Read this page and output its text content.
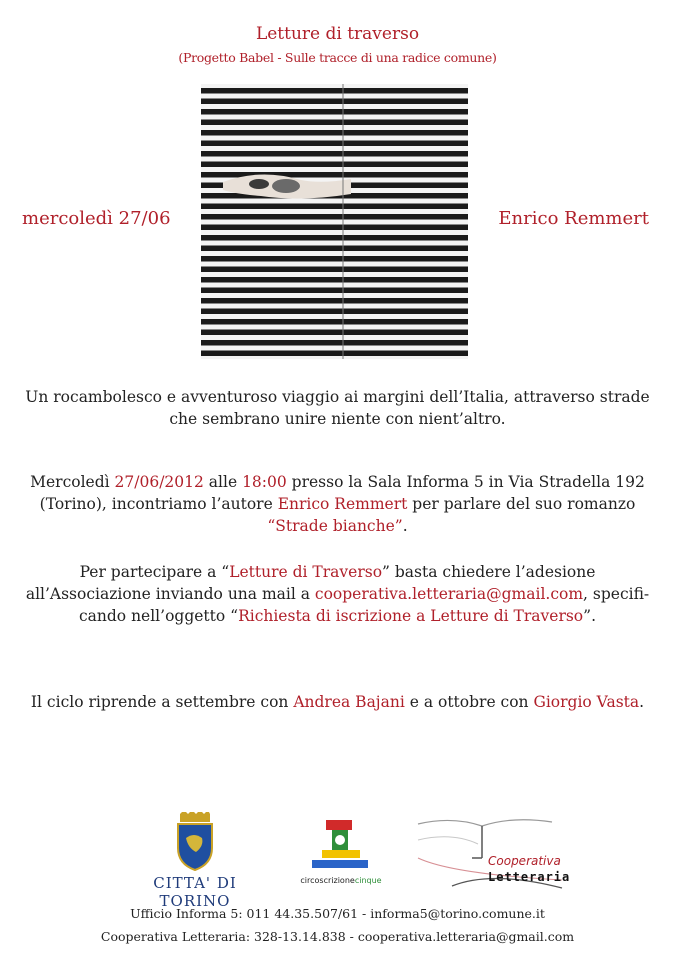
Letture di traverso
(Progetto Babel - Sulle tracce di una radice comune)
mercoledì 27/06	Enrico Remmert
Un rocambolesco e avventuroso viaggio ai margini dell’Italia, attraverso strade
che sembrano unire niente con nient’altro.
Mercoledì 27/06/2012 alle 18:00 presso la Sala Informa 5 in Via Stradella 192
(Torino), incontriamo l’autore Enrico Remmert per parlare del suo romanzo
“Strade bianche”.
Per partecipare a “Letture di Traverso” basta chiedere l’adesione
all’Associazione inviando una mail a cooperativa.letteraria@gmail.com, specifi-
cando nell’oggetto “Richiesta di iscrizione a Letture di Traverso”.
Il ciclo riprende a settembre con Andrea Bajani e a ottobre con Giorgio Vasta.
CITTA' DI TORINO
circoscrizionecinque
Cooperativa
Letteraria
Ufficio Informa 5: 011 44.35.507/61 - informa5@torino.comune.it
Cooperativa Letteraria: 328-13.14.838 - cooperativa.letteraria@gmail.com
